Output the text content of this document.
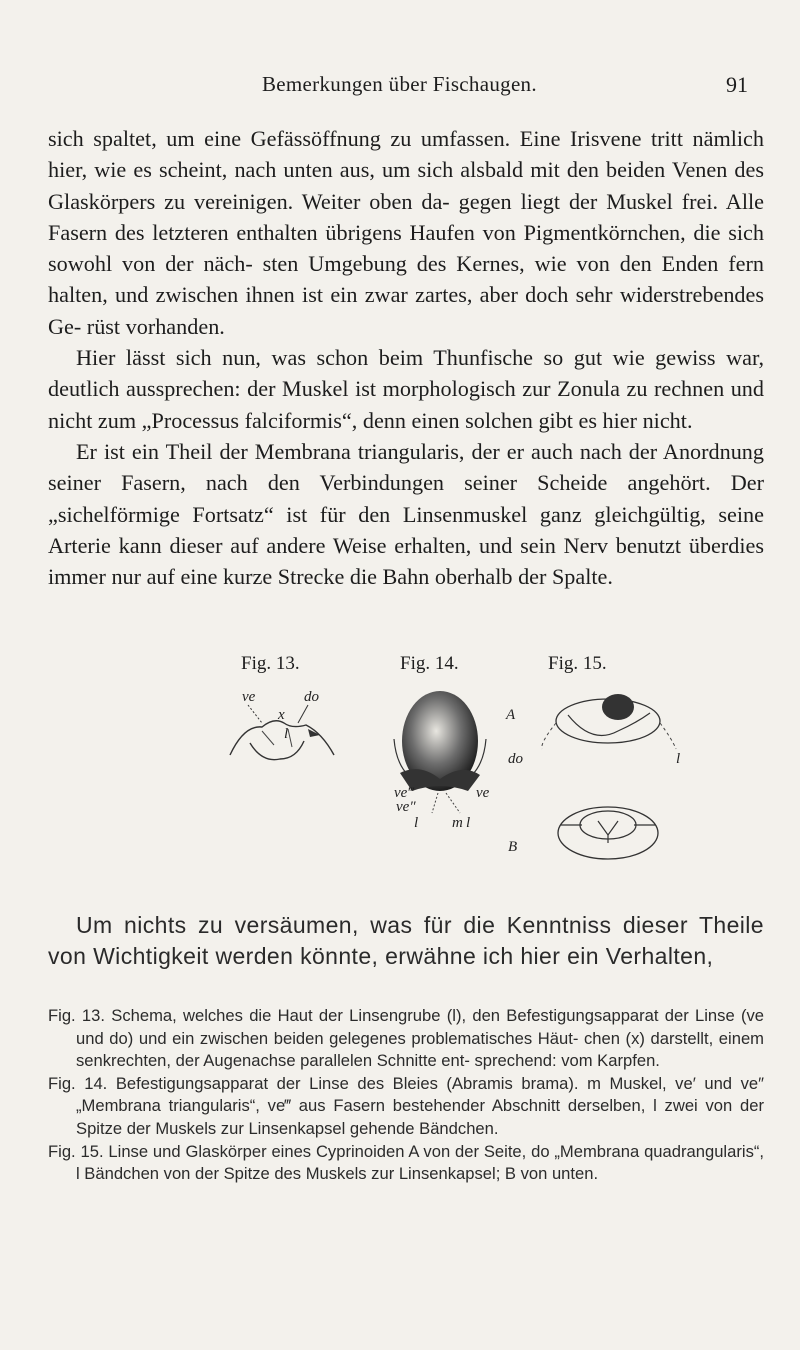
Bemerkungen über Fischaugen.	91

sich spaltet, um eine Gefässöffnung zu umfassen. Eine Irisvene tritt nämlich hier, wie es scheint, nach unten aus, um sich alsbald mit den beiden Venen des Glaskörpers zu vereinigen. Weiter oben da- gegen liegt der Muskel frei. Alle Fasern des letzteren enthalten übrigens Haufen von Pigmentkörnchen, die sich sowohl von der näch- sten Umgebung des Kernes, wie von den Enden fern halten, und zwischen ihnen ist ein zwar zartes, aber doch sehr widerstrebendes Ge- rüst vorhanden.

Hier lässt sich nun, was schon beim Thunfische so gut wie gewiss war, deutlich aussprechen: der Muskel ist morphologisch zur Zonula zu rechnen und nicht zum „Processus falciformis“, denn einen solchen gibt es hier nicht.

Er ist ein Theil der Membrana triangularis, der er auch nach der Anordnung seiner Fasern, nach den Verbindungen seiner Scheide angehört. Der „sichelförmige Fortsatz“ ist für den Linsenmuskel ganz gleichgültig, seine Arterie kann dieser auf andere Weise erhalten, und sein Nerv benutzt überdies immer nur auf eine kurze Strecke die Bahn oberhalb der Spalte.

Fig. 13.	Fig. 14.	Fig. 15.
ve	do
x
l
ve‴	ve
ve″
l m l
A
do	l
B

Um nichts zu versäumen, was für die Kenntniss dieser Theile von Wichtigkeit werden könnte, erwähne ich hier ein Verhalten,

Fig. 13. Schema, welches die Haut der Linsengrube (l), den Befestigungsapparat der Linse (ve und do) und ein zwischen beiden gelegenes problematisches Häut- chen (x) darstellt, einem senkrechten, der Augenachse parallelen Schnitte ent- sprechend: vom Karpfen.

Fig. 14. Befestigungsapparat der Linse des Bleies (Abramis brama). m Muskel, ve′ und ve″ „Membrana triangularis“, ve‴ aus Fasern bestehender Abschnitt derselben, l zwei von der Spitze der Muskels zur Linsenkapsel gehende Bändchen.

Fig. 15. Linse und Glaskörper eines Cyprinoiden A von der Seite, do „Membrana quadrangularis“, l Bändchen von der Spitze des Muskels zur Linsenkapsel; B von unten.
